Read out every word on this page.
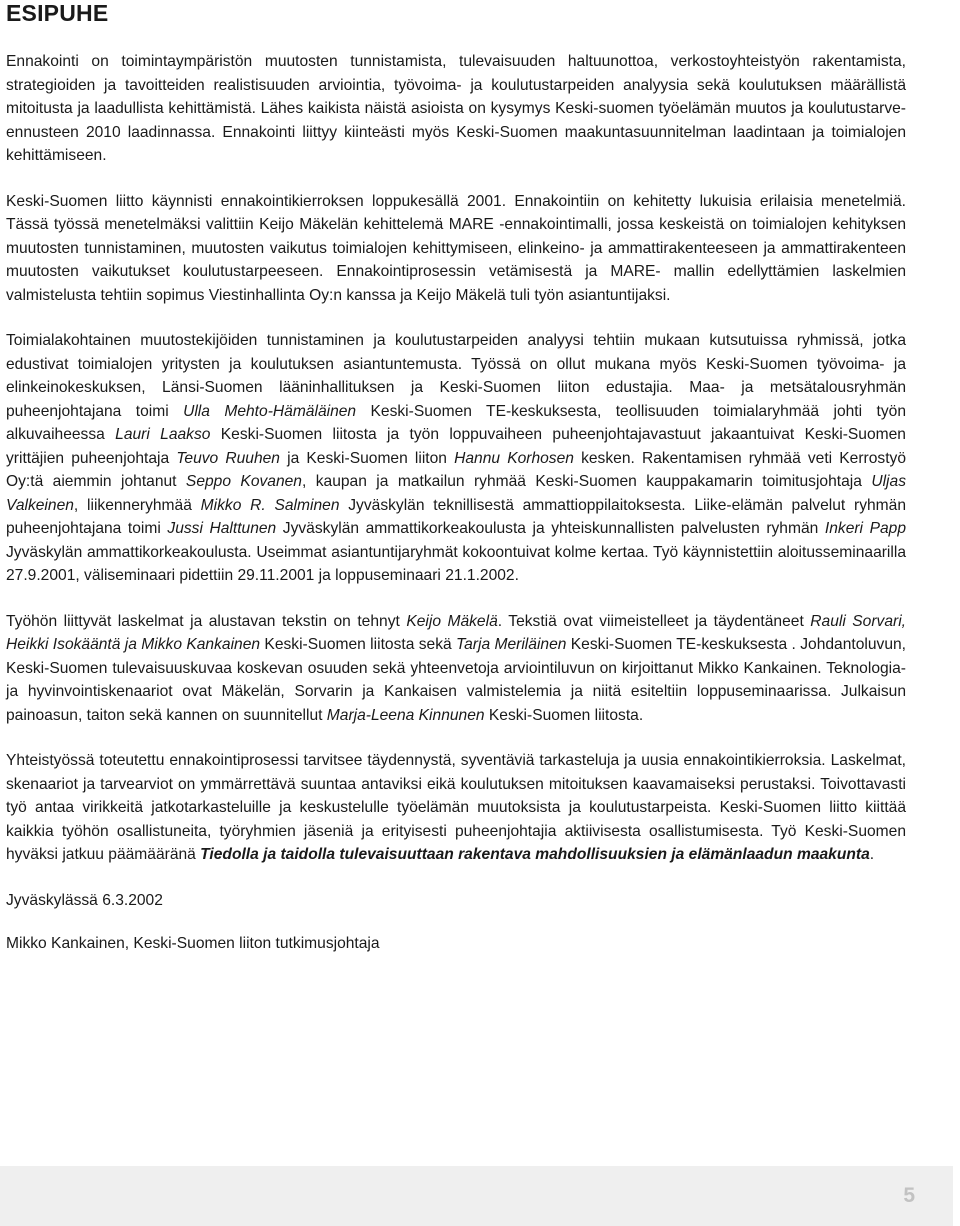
ESIPUHE

Ennakointi on toimintaympäristön muutosten tunnistamista, tulevaisuuden haltuunottoa, verkostoyhteistyön rakentamista, strategioiden ja tavoitteiden realistisuuden arviointia, työvoima- ja koulutustarpeiden analyysia sekä koulutuksen määrällistä mitoitusta ja laadullista kehittämistä. Lähes kaikista näistä asioista on kysymys Keski-suomen työelämän muutos ja koulutustarve-ennusteen 2010 laadinnassa. Ennakointi liittyy kiinteästi myös Keski-Suomen maakuntasuunnitelman laadintaan ja toimialojen kehittämiseen.

Keski-Suomen liitto käynnisti ennakointikierroksen loppukesällä 2001. Ennakointiin on kehitetty lukuisia erilaisia menetelmiä. Tässä työssä menetelmäksi valittiin Keijo Mäkelän kehittelemä MARE -ennakointimalli, jossa keskeistä on toimialojen kehityksen muutosten tunnistaminen, muutosten vaikutus toimialojen kehittymiseen, elinkeino- ja ammattirakenteeseen ja ammattirakenteen muutosten vaikutukset koulutustarpeeseen. Ennakointiprosessin vetämisestä ja MARE- mallin edellyttämien laskelmien valmistelusta tehtiin sopimus Viestinhallinta Oy:n kanssa ja Keijo Mäkelä tuli työn asiantuntijaksi.

Toimialakohtainen muutostekijöiden tunnistaminen ja koulutustarpeiden analyysi tehtiin mukaan kutsutuissa ryhmissä, jotka edustivat toimialojen yritysten ja koulutuksen asiantuntemusta. Työssä on ollut mukana myös Keski-Suomen työvoima- ja elinkeinokeskuksen, Länsi-Suomen lääninhallituksen ja Keski-Suomen liiton edustajia. Maa- ja metsätalousryhmän puheenjohtajana toimi Ulla Mehto-Hämäläinen Keski-Suomen TE-keskuksesta, teollisuuden toimialaryhmää johti työn alkuvaiheessa Lauri Laakso Keski-Suomen liitosta ja työn loppuvaiheen puheenjohtajavastuut jakaantuivat Keski-Suomen yrittäjien puheenjohtaja Teuvo Ruuhen ja Keski-Suomen liiton Hannu Korhosen kesken. Rakentamisen ryhmää veti Kerrostyö Oy:tä aiemmin johtanut Seppo Kovanen, kaupan ja matkailun ryhmää Keski-Suomen kauppakamarin toimitusjohtaja Uljas Valkeinen, liikenneryhmää Mikko R. Salminen Jyväskylän teknillisestä ammattioppilaitoksesta. Liike-elämän palvelut ryhmän puheenjohtajana toimi Jussi Halttunen Jyväskylän ammattikorkeakoulusta ja yhteiskunnallisten palvelusten ryhmän Inkeri Papp Jyväskylän ammattikorkeakoulusta. Useimmat asiantuntijaryhmät kokoontuivat kolme kertaa. Työ käynnistettiin aloitusseminaarilla 27.9.2001, väliseminaari pidettiin 29.11.2001 ja loppuseminaari 21.1.2002.

Työhön liittyvät laskelmat ja alustavan tekstin on tehnyt Keijo Mäkelä. Tekstiä ovat viimeistelleet ja täydentäneet Rauli Sorvari, Heikki Isokääntä ja Mikko Kankainen Keski-Suomen liitosta sekä Tarja Meriläinen Keski-Suomen TE-keskuksesta . Johdantoluvun, Keski-Suomen tulevaisuuskuvaa koskevan osuuden sekä yhteenvetoja arviointiluvun on kirjoittanut Mikko Kankainen. Teknologia- ja hyvinvointiskenaariot ovat Mäkelän, Sorvarin ja Kankaisen valmistelemia ja niitä esiteltiin loppuseminaarissa. Julkaisun painoasun, taiton sekä kannen on suunnitellut Marja-Leena Kinnunen Keski-Suomen liitosta.

Yhteistyössä toteutettu ennakointiprosessi tarvitsee täydennystä, syventäviä tarkasteluja ja uusia ennakointikierroksia. Laskelmat, skenaariot ja tarvearviot on ymmärrettävä suuntaa antaviksi eikä koulutuksen mitoituksen kaavamaiseksi perustaksi. Toivottavasti työ antaa virikkeitä jatkotarkasteluille ja keskustelulle työelämän muutoksista ja koulutustarpeista. Keski-Suomen liitto kiittää kaikkia työhön osallistuneita, työryhmien jäseniä ja erityisesti puheenjohtajia aktiivisesta osallistumisesta. Työ Keski-Suomen hyväksi jatkuu päämääränä Tiedolla ja taidolla tulevaisuuttaan rakentava mahdollisuuksien ja elämänlaadun maakunta.

Jyväskylässä 6.3.2002

Mikko Kankainen, Keski-Suomen liiton tutkimusjohtaja

5
